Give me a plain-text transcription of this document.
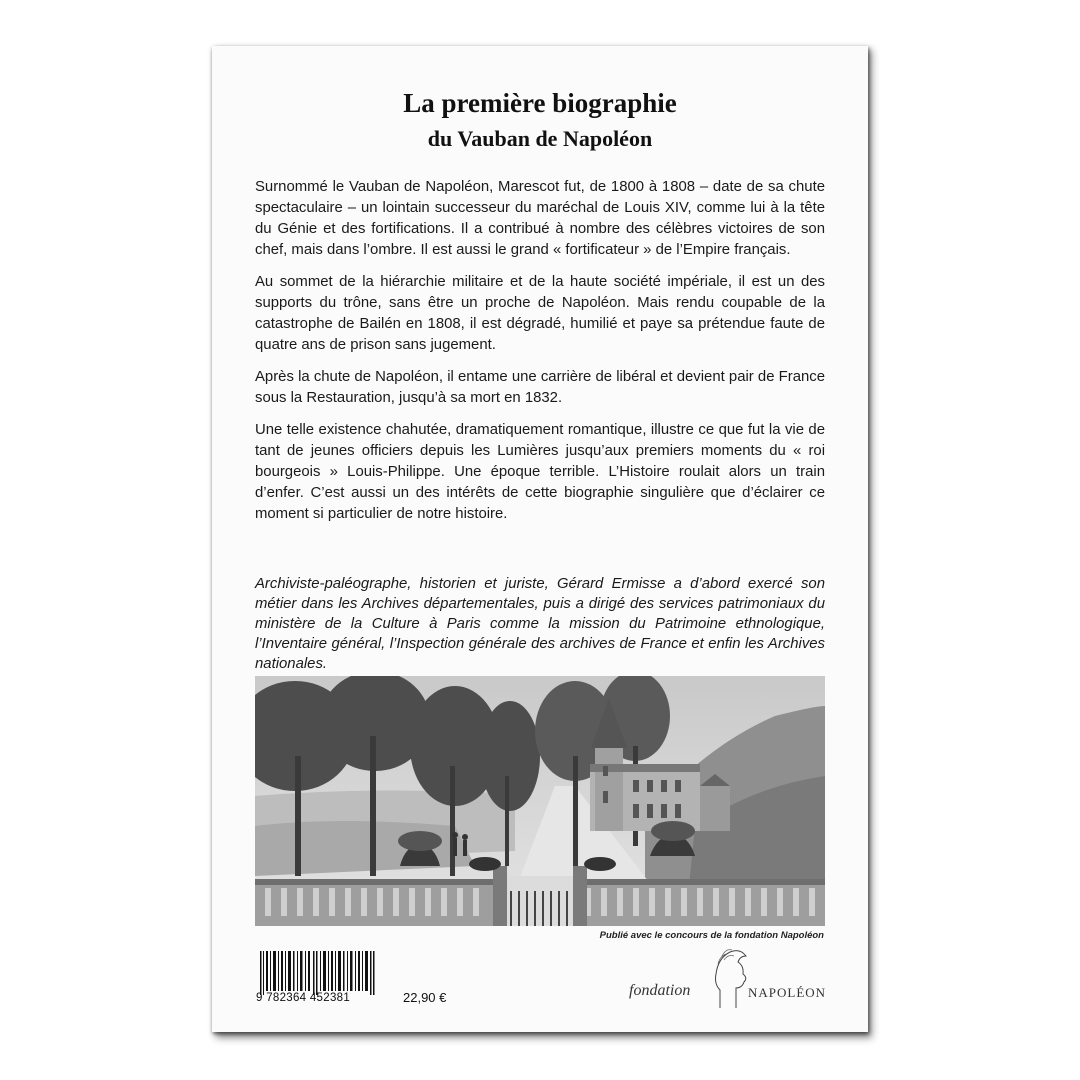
La première biographie
du Vauban de Napoléon

Surnommé le Vauban de Napoléon, Marescot fut, de 1800 à 1808 – date de sa chute spectaculaire – un lointain successeur du maréchal de Louis XIV, comme lui à la tête du Génie et des fortifications. Il a contribué à nombre des célèbres victoires de son chef, mais dans l’ombre. Il est aussi le grand « fortificateur » de l’Empire français.

Au sommet de la hiérarchie militaire et de la haute société impériale, il est un des supports du trône, sans être un proche de Napoléon. Mais rendu coupable de la catastrophe de Bailén en 1808, il est dégradé, humilié et paye sa prétendue faute de quatre ans de prison sans jugement.

Après la chute de Napoléon, il entame une carrière de libéral et devient pair de France sous la Restauration, jusqu’à sa mort en 1832.

Une telle existence chahutée, dramatiquement romantique, illustre ce que fut la vie de tant de jeunes officiers depuis les Lumières jusqu’aux premiers moments du « roi bourgeois » Louis-Philippe. Une époque terrible. L’Histoire roulait alors un train d’enfer. C’est aussi un des intérêts de cette biographie singulière que d’éclairer ce moment si particulier de notre histoire.

Archiviste-paléographe, historien et juriste, Gérard Ermisse a d’abord exercé son métier dans les Archives départementales, puis a dirigé des services patrimoniaux du ministère de la Culture à Paris comme la mission du Patrimoine ethnologique, l’Inventaire général, l’Inspection générale des archives de France et enfin les Archives nationales.
Publié avec le concours de la fondation Napoléon
9 782364 452381	22,90 €	fondation	NAPOLÉON
